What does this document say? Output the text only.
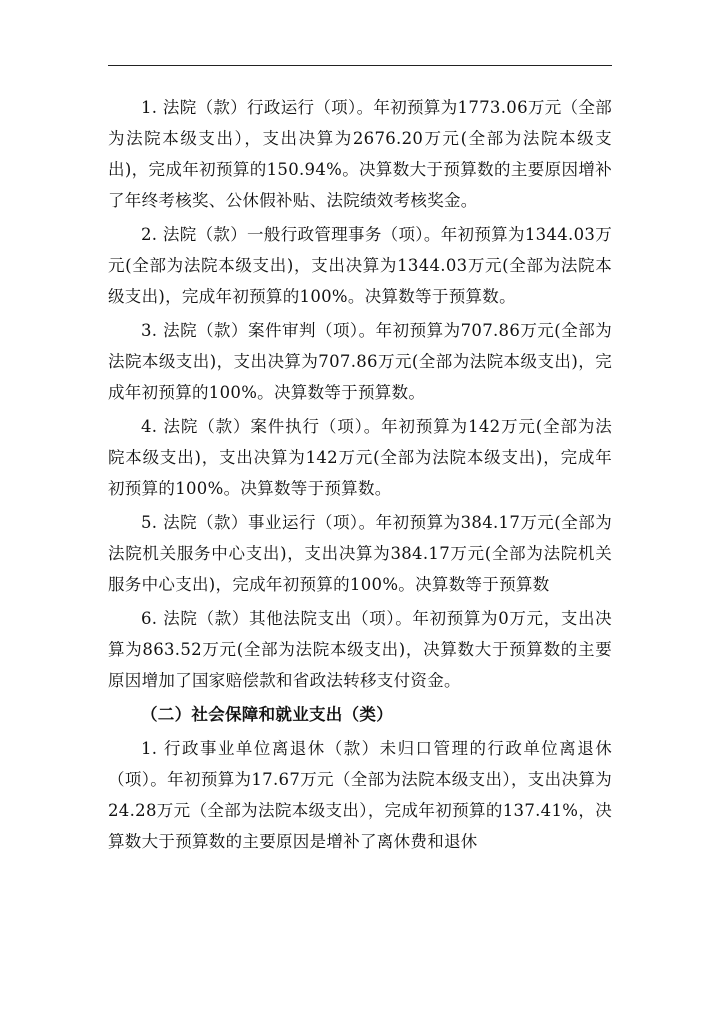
1. 法院（款）行政运行（项）。年初预算为1773.06万元（全部为法院本级支出），支出决算为2676.20万元(全部为法院本级支出)，完成年初预算的150.94%。决算数大于预算数的主要原因增补了年终考核奖、公休假补贴、法院绩效考核奖金。

2. 法院（款）一般行政管理事务（项）。年初预算为1344.03万元(全部为法院本级支出)，支出决算为1344.03万元(全部为法院本级支出)，完成年初预算的100%。决算数等于预算数。

3. 法院（款）案件审判（项）。年初预算为707.86万元(全部为法院本级支出)，支出决算为707.86万元(全部为法院本级支出)，完成年初预算的100%。决算数等于预算数。

4. 法院（款）案件执行（项）。年初预算为142万元(全部为法院本级支出)，支出决算为142万元(全部为法院本级支出)，完成年初预算的100%。决算数等于预算数。

5. 法院（款）事业运行（项）。年初预算为384.17万元(全部为法院机关服务中心支出)，支出决算为384.17万元(全部为法院机关服务中心支出)，完成年初预算的100%。决算数等于预算数

6. 法院（款）其他法院支出（项）。年初预算为0万元，支出决算为863.52万元(全部为法院本级支出)，决算数大于预算数的主要原因增加了国家赔偿款和省政法转移支付资金。

（二）社会保障和就业支出（类）

1. 行政事业单位离退休（款）未归口管理的行政单位离退休（项）。年初预算为17.67万元（全部为法院本级支出），支出决算为24.28万元（全部为法院本级支出），完成年初预算的137.41%，决算数大于预算数的主要原因是增补了离休费和退休
